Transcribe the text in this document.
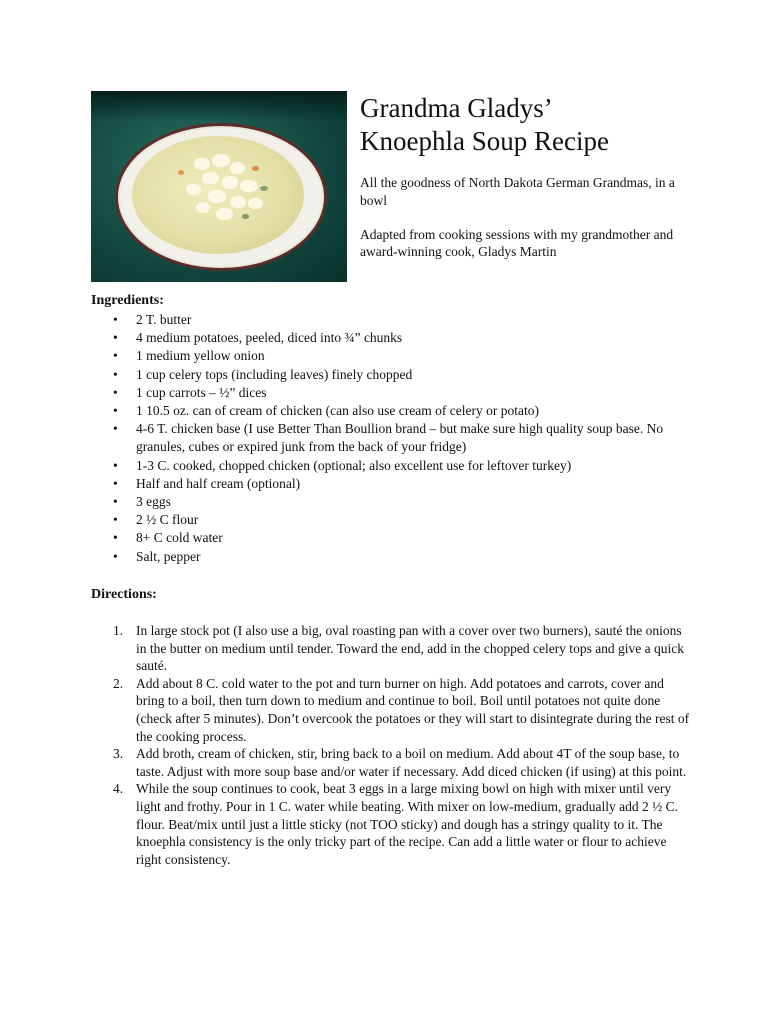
Grandma Gladys’
Knoephla Soup Recipe

All the goodness of North Dakota German Grandmas, in a bowl

Adapted from cooking sessions with my grandmother and award-winning cook, Gladys Martin

Ingredients:

• 2 T. butter
• 4 medium potatoes, peeled, diced into ¾” chunks
• 1 medium yellow onion
• 1 cup celery tops (including leaves) finely chopped
• 1 cup carrots – ½” dices
• 1 10.5 oz. can of cream of chicken (can also use cream of celery or potato)
• 4-6 T. chicken base (I use Better Than Boullion brand – but make sure high quality soup base. No granules, cubes or expired junk from the back of your fridge)
• 1-3 C. cooked, chopped chicken (optional; also excellent use for leftover turkey)
• Half and half cream (optional)
• 3 eggs
• 2 ½ C flour
• 8+ C cold water
• Salt, pepper

Directions:

1. In large stock pot (I also use a big, oval roasting pan with a cover over two burners), sauté the onions in the butter on medium until tender. Toward the end, add in the chopped celery tops and give a quick sauté.
2. Add about 8 C. cold water to the pot and turn burner on high. Add potatoes and carrots, cover and bring to a boil, then turn down to medium and continue to boil. Boil until potatoes not quite done (check after 5 minutes). Don’t overcook the potatoes or they will start to disintegrate during the rest of the cooking process.
3. Add broth, cream of chicken, stir, bring back to a boil on medium. Add about 4T of the soup base, to taste. Adjust with more soup base and/or water if necessary. Add diced chicken (if using) at this point.
4. While the soup continues to cook, beat 3 eggs in a large mixing bowl on high with mixer until very light and frothy. Pour in 1 C. water while beating. With mixer on low-medium, gradually add 2 ½ C. flour. Beat/mix until just a little sticky (not TOO sticky) and dough has a stringy quality to it. The knoephla consistency is the only tricky part of the recipe. Can add a little water or flour to achieve right consistency.
